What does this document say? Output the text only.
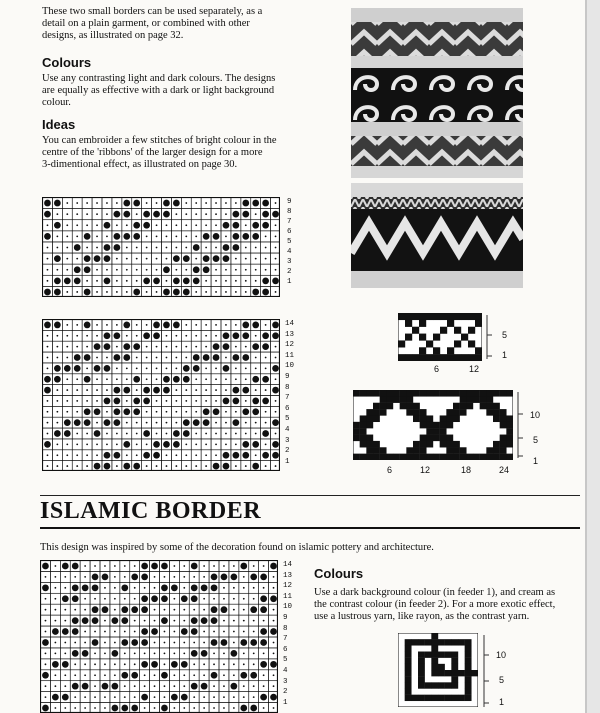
These two small borders can be used separately, as a
detail on a plain garment, or combined with other
designs, as illustrated on page 32.
Colours
Use any contrasting light and dark colours. The designs
are equally as effective with a dark or light background
colour.
Ideas
You can embroider a few stitches of bright colour in the
centre of the 'ribbons' of the larger design for a more
3-dimentional effect, as illustrated on page 30.
9
8
7
6
5
4
3
2
1
14
13
12
11
10
9
8
7
6
5
4
3
2
1
5
1
6	12
10
5
1
6	12	18	24
ISLAMIC BORDER
This design was inspired by some of the decoration found on islamic pottery and architecture.
14
13
12
11
10
9
8
7
6
5
4
3
2
1
Colours
Use a dark background colour (in feeder 1), and cream as
the contrast colour (in feeder 2). For a more exotic effect,
use a lustrous yarn, like rayon, as the contrast yarn.
10
5
1
